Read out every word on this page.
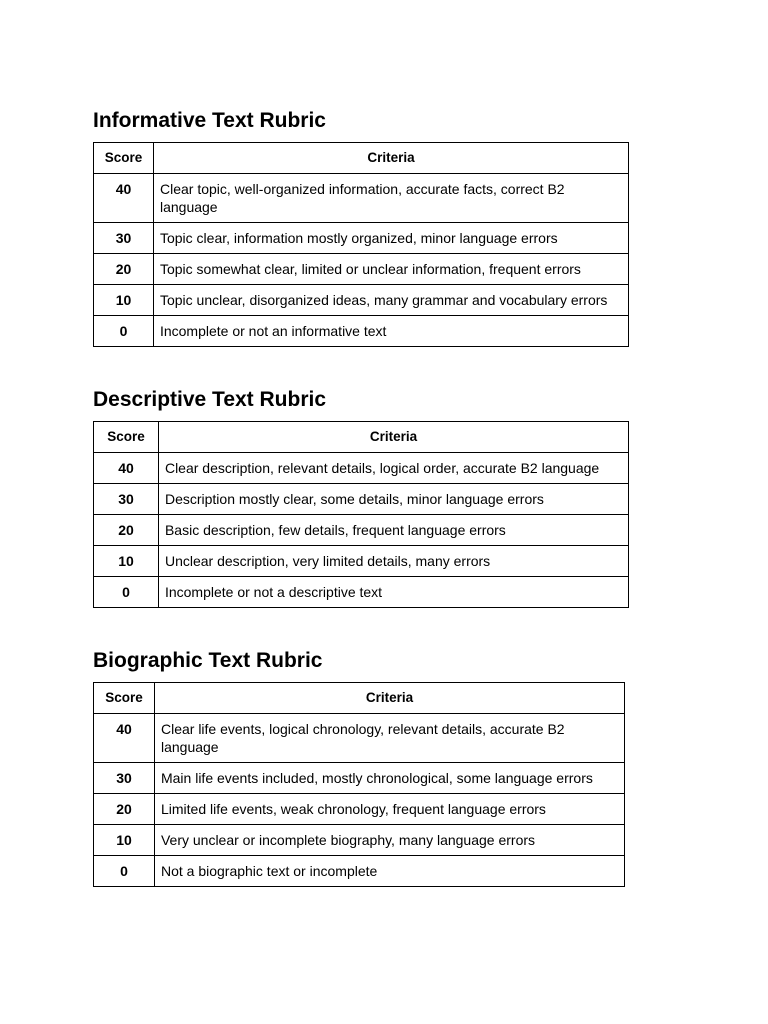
Informative Text Rubric
Score	Criteria
40	Clear topic, well-organized information, accurate facts, correct B2 language
30	Topic clear, information mostly organized, minor language errors
20	Topic somewhat clear, limited or unclear information, frequent errors
10	Topic unclear, disorganized ideas, many grammar and vocabulary errors
0	Incomplete or not an informative text
Descriptive Text Rubric
Score	Criteria
40	Clear description, relevant details, logical order, accurate B2 language
30	Description mostly clear, some details, minor language errors
20	Basic description, few details, frequent language errors
10	Unclear description, very limited details, many errors
0	Incomplete or not a descriptive text
Biographic Text Rubric
Score	Criteria
40	Clear life events, logical chronology, relevant details, accurate B2 language
30	Main life events included, mostly chronological, some language errors
20	Limited life events, weak chronology, frequent language errors
10	Very unclear or incomplete biography, many language errors
0	Not a biographic text or incomplete
